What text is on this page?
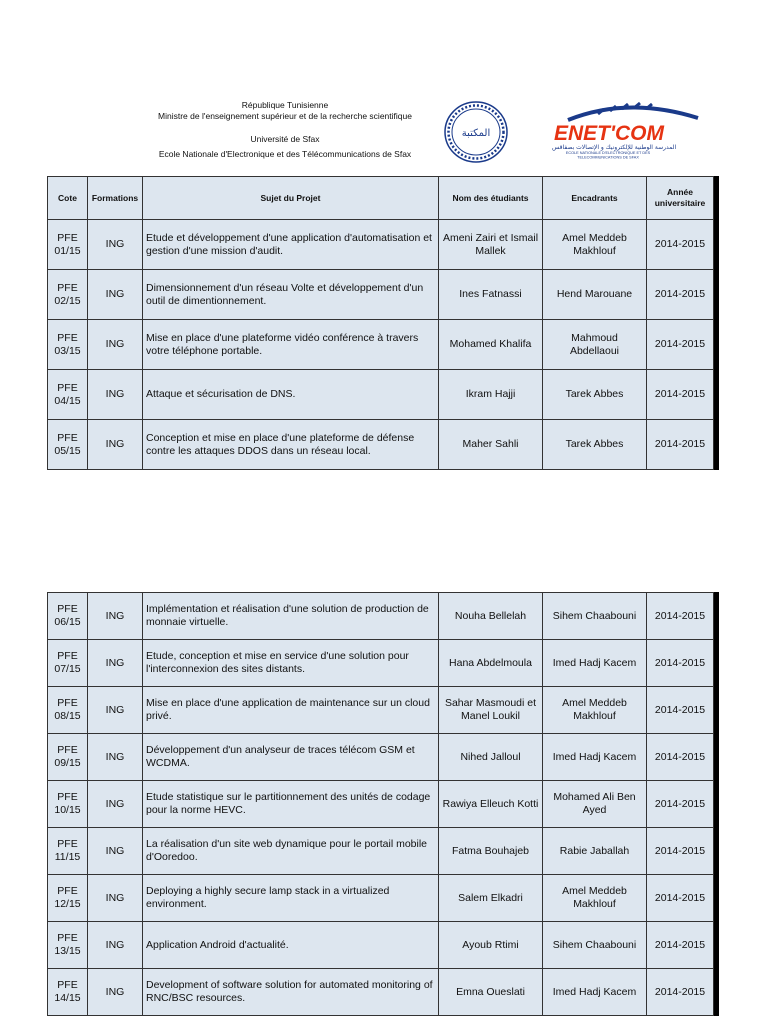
République Tunisienne
Ministre de l'enseignement supérieur et de la recherche scientifique
Université de Sfax
Ecole Nationale d'Electronique et des Télécommunications de Sfax
المكتبة	ENET'COM
المدرسة الوطنية للإلكترونيك و الإتصالات بصفاقس
ECOLE NATIONALE D'ELECTRONIQUE ET DES
TELECOMMUNICATIONS DE SFAX
Cote	Formations	Sujet du Projet	Nom des étudiants	Encadrants	Année universitaire
PFE 01/15	ING	Etude et développement d'une application d'automatisation et gestion d'une mission d'audit.	Ameni Zairi et Ismail Mallek	Amel Meddeb Makhlouf	2014-2015
PFE 02/15	ING	Dimensionnement d'un réseau Volte et développement d'un outil de dimentionnement.	Ines Fatnassi	Hend Marouane	2014-2015
PFE 03/15	ING	Mise en place d'une plateforme vidéo conférence à travers votre téléphone portable.	Mohamed Khalifa	Mahmoud Abdellaoui	2014-2015
PFE 04/15	ING	Attaque et sécurisation de DNS.	Ikram Hajji	Tarek Abbes	2014-2015
PFE 05/15	ING	Conception et mise en place d'une plateforme de défense contre les attaques DDOS dans un réseau local.	Maher Sahli	Tarek Abbes	2014-2015
PFE 06/15	ING	Implémentation et réalisation d'une solution de production de monnaie virtuelle.	Nouha Bellelah	Sihem Chaabouni	2014-2015
PFE 07/15	ING	Etude, conception et mise en service d'une solution pour l'interconnexion des sites distants.	Hana Abdelmoula	Imed Hadj Kacem	2014-2015
PFE 08/15	ING	Mise en place d'une application de maintenance sur un cloud privé.	Sahar Masmoudi et Manel Loukil	Amel Meddeb Makhlouf	2014-2015
PFE 09/15	ING	Développement d'un analyseur de traces télécom GSM et WCDMA.	Nihed Jalloul	Imed Hadj Kacem	2014-2015
PFE 10/15	ING	Etude statistique sur le partitionnement des unités de codage pour la norme HEVC.	Rawiya Elleuch Kotti	Mohamed Ali Ben Ayed	2014-2015
PFE 11/15	ING	La réalisation d'un site web dynamique pour le portail mobile d'Ooredoo.	Fatma Bouhajeb	Rabie Jaballah	2014-2015
PFE 12/15	ING	Deploying a highly secure lamp stack in a virtualized environment.	Salem Elkadri	Amel Meddeb Makhlouf	2014-2015
PFE 13/15	ING	Application Android d'actualité.	Ayoub Rtimi	Sihem Chaabouni	2014-2015
PFE 14/15	ING	Development of software solution for automated monitoring of RNC/BSC resources.	Emna Oueslati	Imed Hadj Kacem	2014-2015
